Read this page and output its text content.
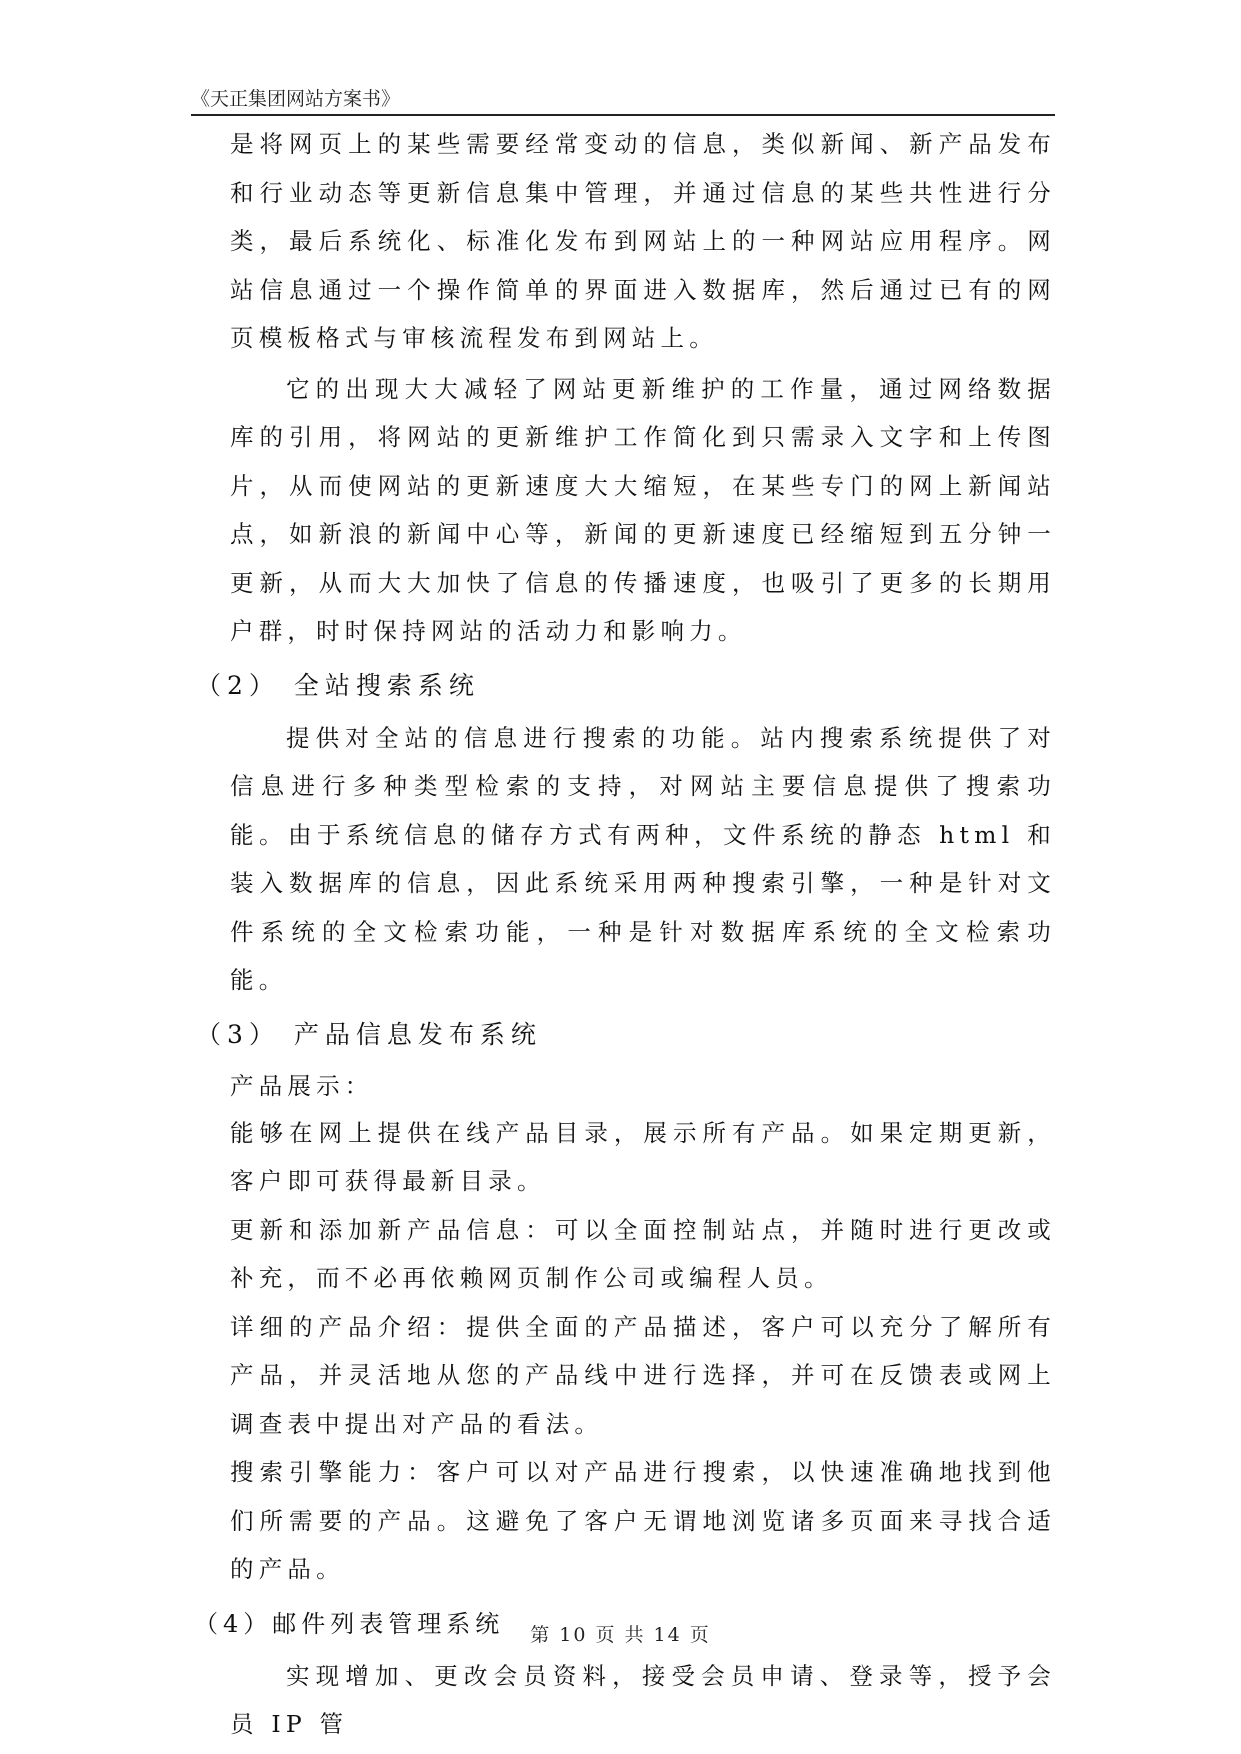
《天正集团网站方案书》

是将网页上的某些需要经常变动的信息，类似新闻、新产品发布和行业动态等更新信息集中管理，并通过信息的某些共性进行分类，最后系统化、标准化发布到网站上的一种网站应用程序。网站信息通过一个操作简单的界面进入数据库，然后通过已有的网页模板格式与审核流程发布到网站上。

它的出现大大减轻了网站更新维护的工作量，通过网络数据库的引用，将网站的更新维护工作简化到只需录入文字和上传图片，从而使网站的更新速度大大缩短，在某些专门的网上新闻站点，如新浪的新闻中心等，新闻的更新速度已经缩短到五分钟一更新，从而大大加快了信息的传播速度，也吸引了更多的长期用户群，时时保持网站的活动力和影响力。

（2） 全站搜索系统

提供对全站的信息进行搜索的功能。站内搜索系统提供了对信息进行多种类型检索的支持，对网站主要信息提供了搜索功能。由于系统信息的储存方式有两种，文件系统的静态 html 和装入数据库的信息，因此系统采用两种搜索引擎，一种是针对文件系统的全文检索功能，一种是针对数据库系统的全文检索功能。

（3） 产品信息发布系统

产品展示：

能够在网上提供在线产品目录，展示所有产品。如果定期更新，客户即可获得最新目录。

更新和添加新产品信息：可以全面控制站点，并随时进行更改或补充，而不必再依赖网页制作公司或编程人员。

详细的产品介绍：提供全面的产品描述，客户可以充分了解所有产品，并灵活地从您的产品线中进行选择，并可在反馈表或网上调查表中提出对产品的看法。

搜索引擎能力：客户可以对产品进行搜索，以快速准确地找到他们所需要的产品。这避免了客户无谓地浏览诸多页面来寻找合适的产品。

（4）邮件列表管理系统

实现增加、更改会员资料，接受会员申请、登录等，授予会员 IP 管

第 10 页 共 14 页
